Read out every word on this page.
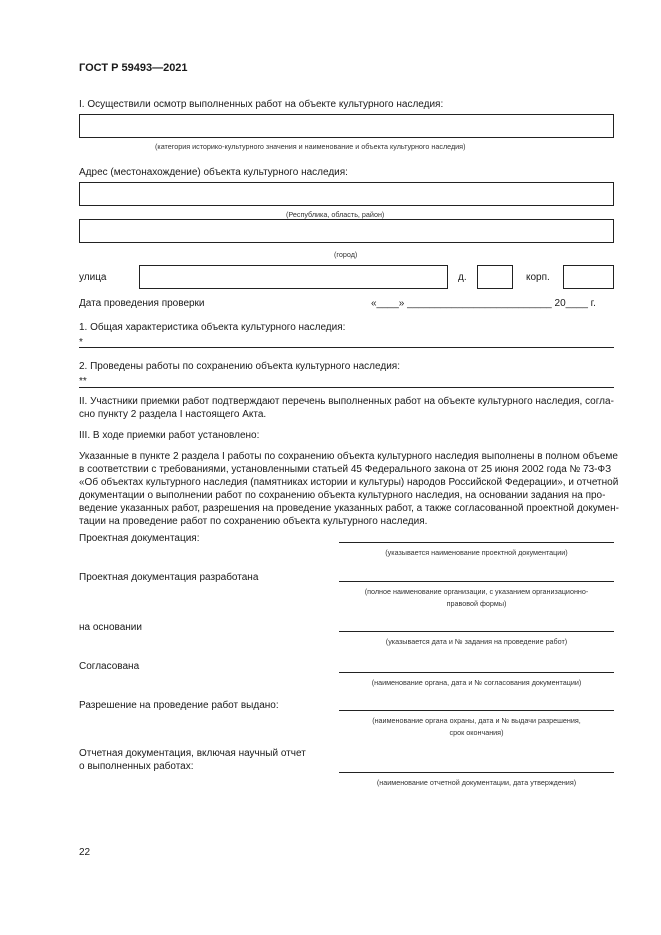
ГОСТ Р 59493—2021
I. Осуществили осмотр выполненных работ на объекте культурного наследия:
(категория историко-культурного значения и наименование и объекта культурного наследия)
Адрес (местонахождение) объекта культурного наследия:
(Республика, область, район)
(город)
улица	д.	корп.
Дата проведения проверки	«____» __________________________ 20____ г.
1. Общая характеристика объекта культурного наследия:
*
2. Проведены работы по сохранению объекта культурного наследия:
**
II. Участники приемки работ подтверждают перечень выполненных работ на объекте культурного наследия, согла-
сно пункту 2 раздела I настоящего Акта.
III. В ходе приемки работ установлено:
Указанные в пункте 2 раздела I работы по сохранению объекта культурного наследия выполнены в полном объеме
в соответствии с требованиями, установленными статьей 45 Федерального закона от 25 июня 2002 года № 73-ФЗ
«Об объектах культурного наследия (памятниках истории и культуры) народов Российской Федерации», и отчетной
документации о выполнении работ по сохранению объекта культурного наследия, на основании задания на про-
ведение указанных работ, разрешения на проведение указанных работ, а также согласованной проектной докумен-
тации на проведение работ по сохранению объекта культурного наследия.
Проектная документация:
(указывается наименование проектной документации)
Проектная документация разработана
(полное наименование организации, с указанием организационно-
правовой формы)
на основании
(указывается дата и № задания на проведение работ)
Согласована
(наименование органа, дата и № согласования документации)
Разрешение на проведение работ выдано:
(наименование органа охраны, дата и № выдачи разрешения,
срок окончания)
Отчетная документация, включая научный отчет
о выполненных работах:
(наименование отчетной документации, дата утверждения)
22
